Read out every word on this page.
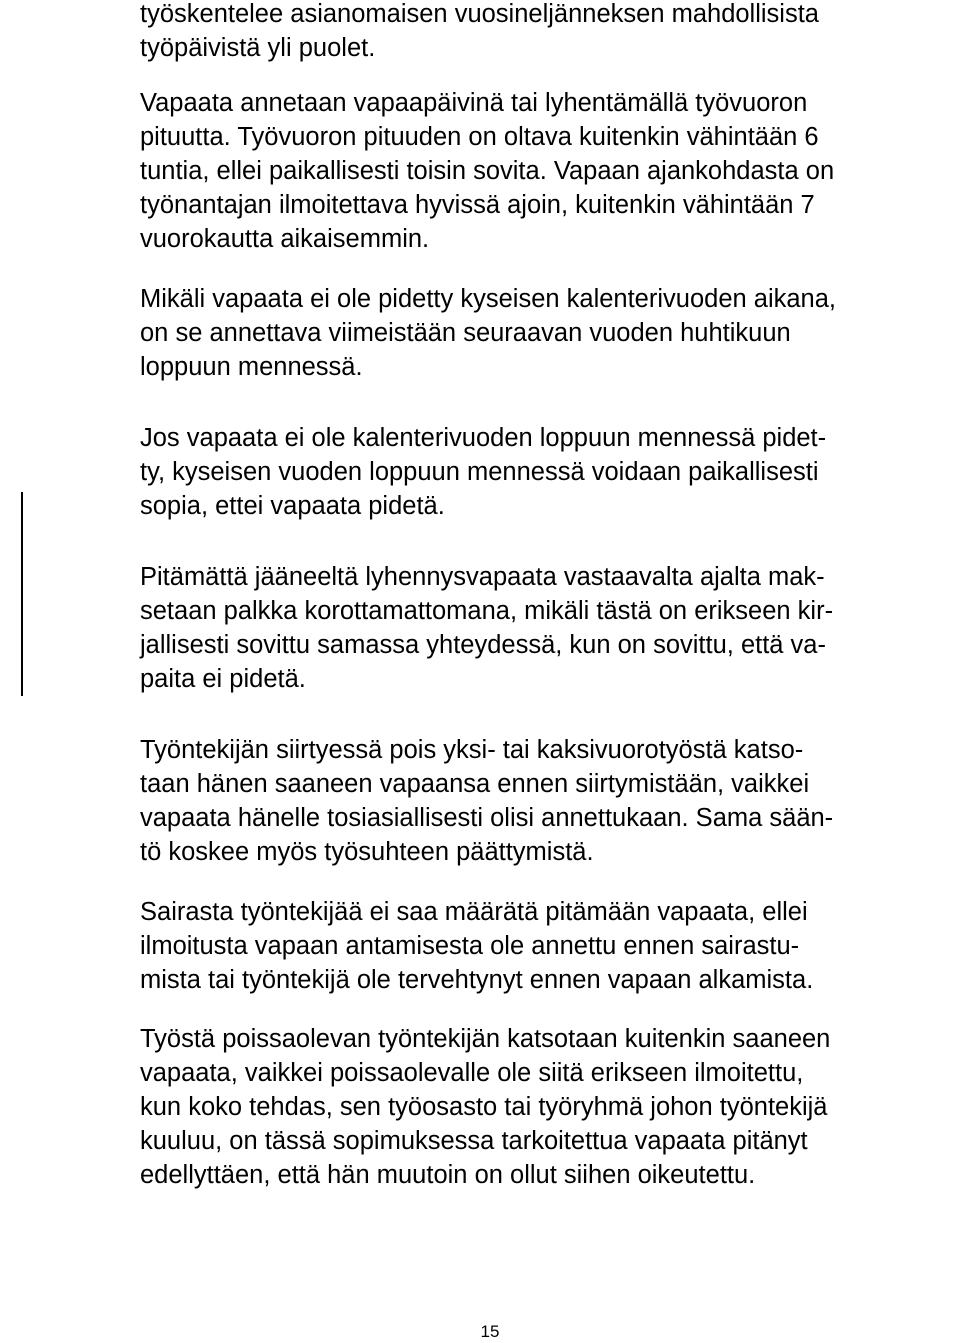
työskentelee asianomaisen vuosineljänneksen mahdollisista
työpäivistä yli puolet.

Vapaata annetaan vapaapäivinä tai lyhentämällä työvuoron
pituutta. Työvuoron pituuden on oltava kuitenkin vähintään 6
tuntia, ellei paikallisesti toisin sovita. Vapaan ajankohdasta on
työnantajan ilmoitettava hyvissä ajoin, kuitenkin vähintään 7
vuorokautta aikaisemmin.

Mikäli vapaata ei ole pidetty kyseisen kalenterivuoden aikana,
on se annettava viimeistään seuraavan vuoden huhtikuun
loppuun mennessä.

Jos vapaata ei ole kalenterivuoden loppuun mennessä pidet-
ty, kyseisen vuoden loppuun mennessä voidaan paikallisesti
sopia, ettei vapaata pidetä.

Pitämättä jääneeltä lyhennysvapaata vastaavalta ajalta mak-
setaan palkka korottamattomana, mikäli tästä on erikseen kir-
jallisesti sovittu samassa yhteydessä, kun on sovittu, että va-
paita ei pidetä.

Työntekijän siirtyessä pois yksi- tai kaksivuorotyöstä katso-
taan hänen saaneen vapaansa ennen siirtymistään, vaikkei
vapaata hänelle tosiasiallisesti olisi annettukaan. Sama sään-
tö koskee myös työsuhteen päättymistä.

Sairasta työntekijää ei saa määrätä pitämään vapaata, ellei
ilmoitusta vapaan antamisesta ole annettu ennen sairastu-
mista tai työntekijä ole tervehtynyt ennen vapaan alkamista.

Työstä poissaolevan työntekijän katsotaan kuitenkin saaneen
vapaata, vaikkei poissaolevalle ole siitä erikseen ilmoitettu,
kun koko tehdas, sen työosasto tai työryhmä johon työntekijä
kuuluu, on tässä sopimuksessa tarkoitettua vapaata pitänyt
edellyttäen, että hän muutoin on ollut siihen oikeutettu.

15
